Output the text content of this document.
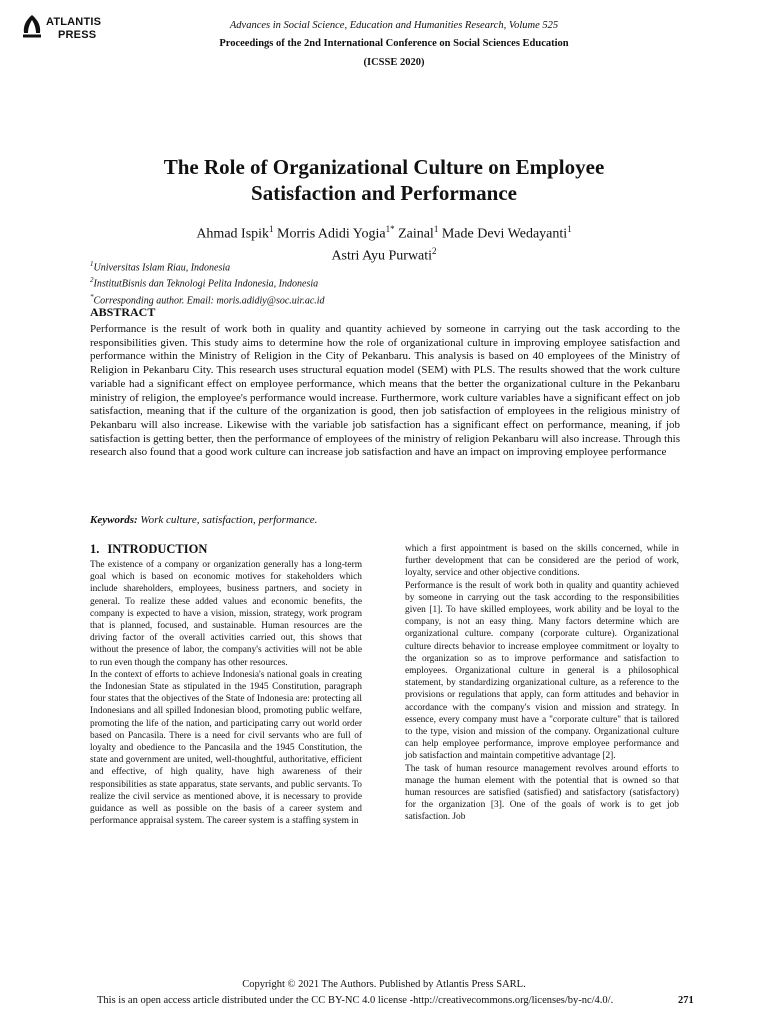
ATLANTIS
PRESS
Advances in Social Science, Education and Humanities Research, Volume 525
Proceedings of the 2nd International Conference on Social Sciences Education
(ICSSE 2020)
The Role of Organizational Culture on Employee
Satisfaction and Performance
Ahmad Ispik$^1$ Morris Adidi Yogia$^{1*}$ Zainal$^1$ Made Devi Wedayanti$^1$
Astri Ayu Purwati$^2$
$^1$Universitas Islam Riau, Indonesia
$^2$InstitutBisnis dan Teknologi Pelita Indonesia, Indonesia
*Corresponding author. Email: moris.adidiy@soc.uir.ac.id
ABSTRACT
Performance is the result of work both in quality and quantity achieved by someone in carrying out the task according to the responsibilities given. This study aims to determine how the role of organizational culture in improving employee satisfaction and performance within the Ministry of Religion in the City of Pekanbaru. This analysis is based on 40 employees of the Ministry of Religion in Pekanbaru City. This research uses structural equation model (SEM) with PLS. The results showed that the work culture variable had a significant effect on employee performance, which means that the better the organizational culture in the Pekanbaru ministry of religion, the employee's performance would increase. Furthermore, work culture variables have a significant effect on job satisfaction, meaning that if the culture of the organization is good, then job satisfaction of employees in the religious ministry of Pekanbaru will also increase. Likewise with the variable job satisfaction has a significant effect on performance, meaning, if job satisfaction is getting better, then the performance of employees of the ministry of religion Pekanbaru will also increase. Through this research also found that a good work culture can increase job satisfaction and have an impact on improving employee performance
Keywords: Work culture, satisfaction, performance.
1. INTRODUCTION

The existence of a company or organization generally has a long-term goal which is based on economic motives for stakeholders which include shareholders, employees, business partners, and society in general. To realize these added values and economic benefits, the company is expected to have a vision, mission, strategy, work program that is planned, focused, and sustainable. Human resources are the driving factor of the overall activities carried out, this shows that without the presence of labor, the company's activities will not be able to run even though the company has other resources.

In the context of efforts to achieve Indonesia's national goals in creating the Indonesian State as stipulated in the 1945 Constitution, paragraph four states that the objectives of the State of Indonesia are: protecting all Indonesians and all spilled Indonesian blood, promoting public welfare, promoting the life of the nation, and participating carry out world order based on Pancasila. There is a need for civil servants who are full of loyalty and obedience to the Pancasila and the 1945 Constitution, the state and government are united, well-thoughtful, authoritative, efficient and effective, of high quality, have high awareness of their responsibilities as state apparatus, state servants, and public servants. To realize the civil service as mentioned above, it is necessary to provide guidance as well as possible on the basis of a career system and performance appraisal system. The career system is a staffing system in

which a first appointment is based on the skills concerned, while in further development that can be considered are the period of work, loyalty, service and other objective conditions.

Performance is the result of work both in quality and quantity achieved by someone in carrying out the task according to the responsibilities given [1]. To have skilled employees, work ability and be loyal to the company, is not an easy thing. Many factors determine which are organizational culture. company (corporate culture). Organizational culture directs behavior to increase employee commitment or loyalty to the organization so as to improve performance and satisfaction to employees. Organizational culture in general is a philosophical statement, by standardizing organizational culture, as a reference to the provisions or regulations that apply, can form attitudes and behavior in accordance with the company's vision and mission and strategy. In essence, every company must have a "corporate culture" that is tailored to the type, vision and mission of the company. Organizational culture can help employee performance, improve employee performance and job satisfaction and maintain competitive advantage [2].

The task of human resource management revolves around efforts to manage the human element with the potential that is owned so that human resources are satisfied (satisfied) and satisfactory (satisfactory) for the organization [3]. One of the goals of work is to get job satisfaction. Job

Copyright © 2021 The Authors. Published by Atlantis Press SARL.
This is an open access article distributed under the CC BY-NC 4.0 license -http://creativecommons.org/licenses/by-nc/4.0/.	271
